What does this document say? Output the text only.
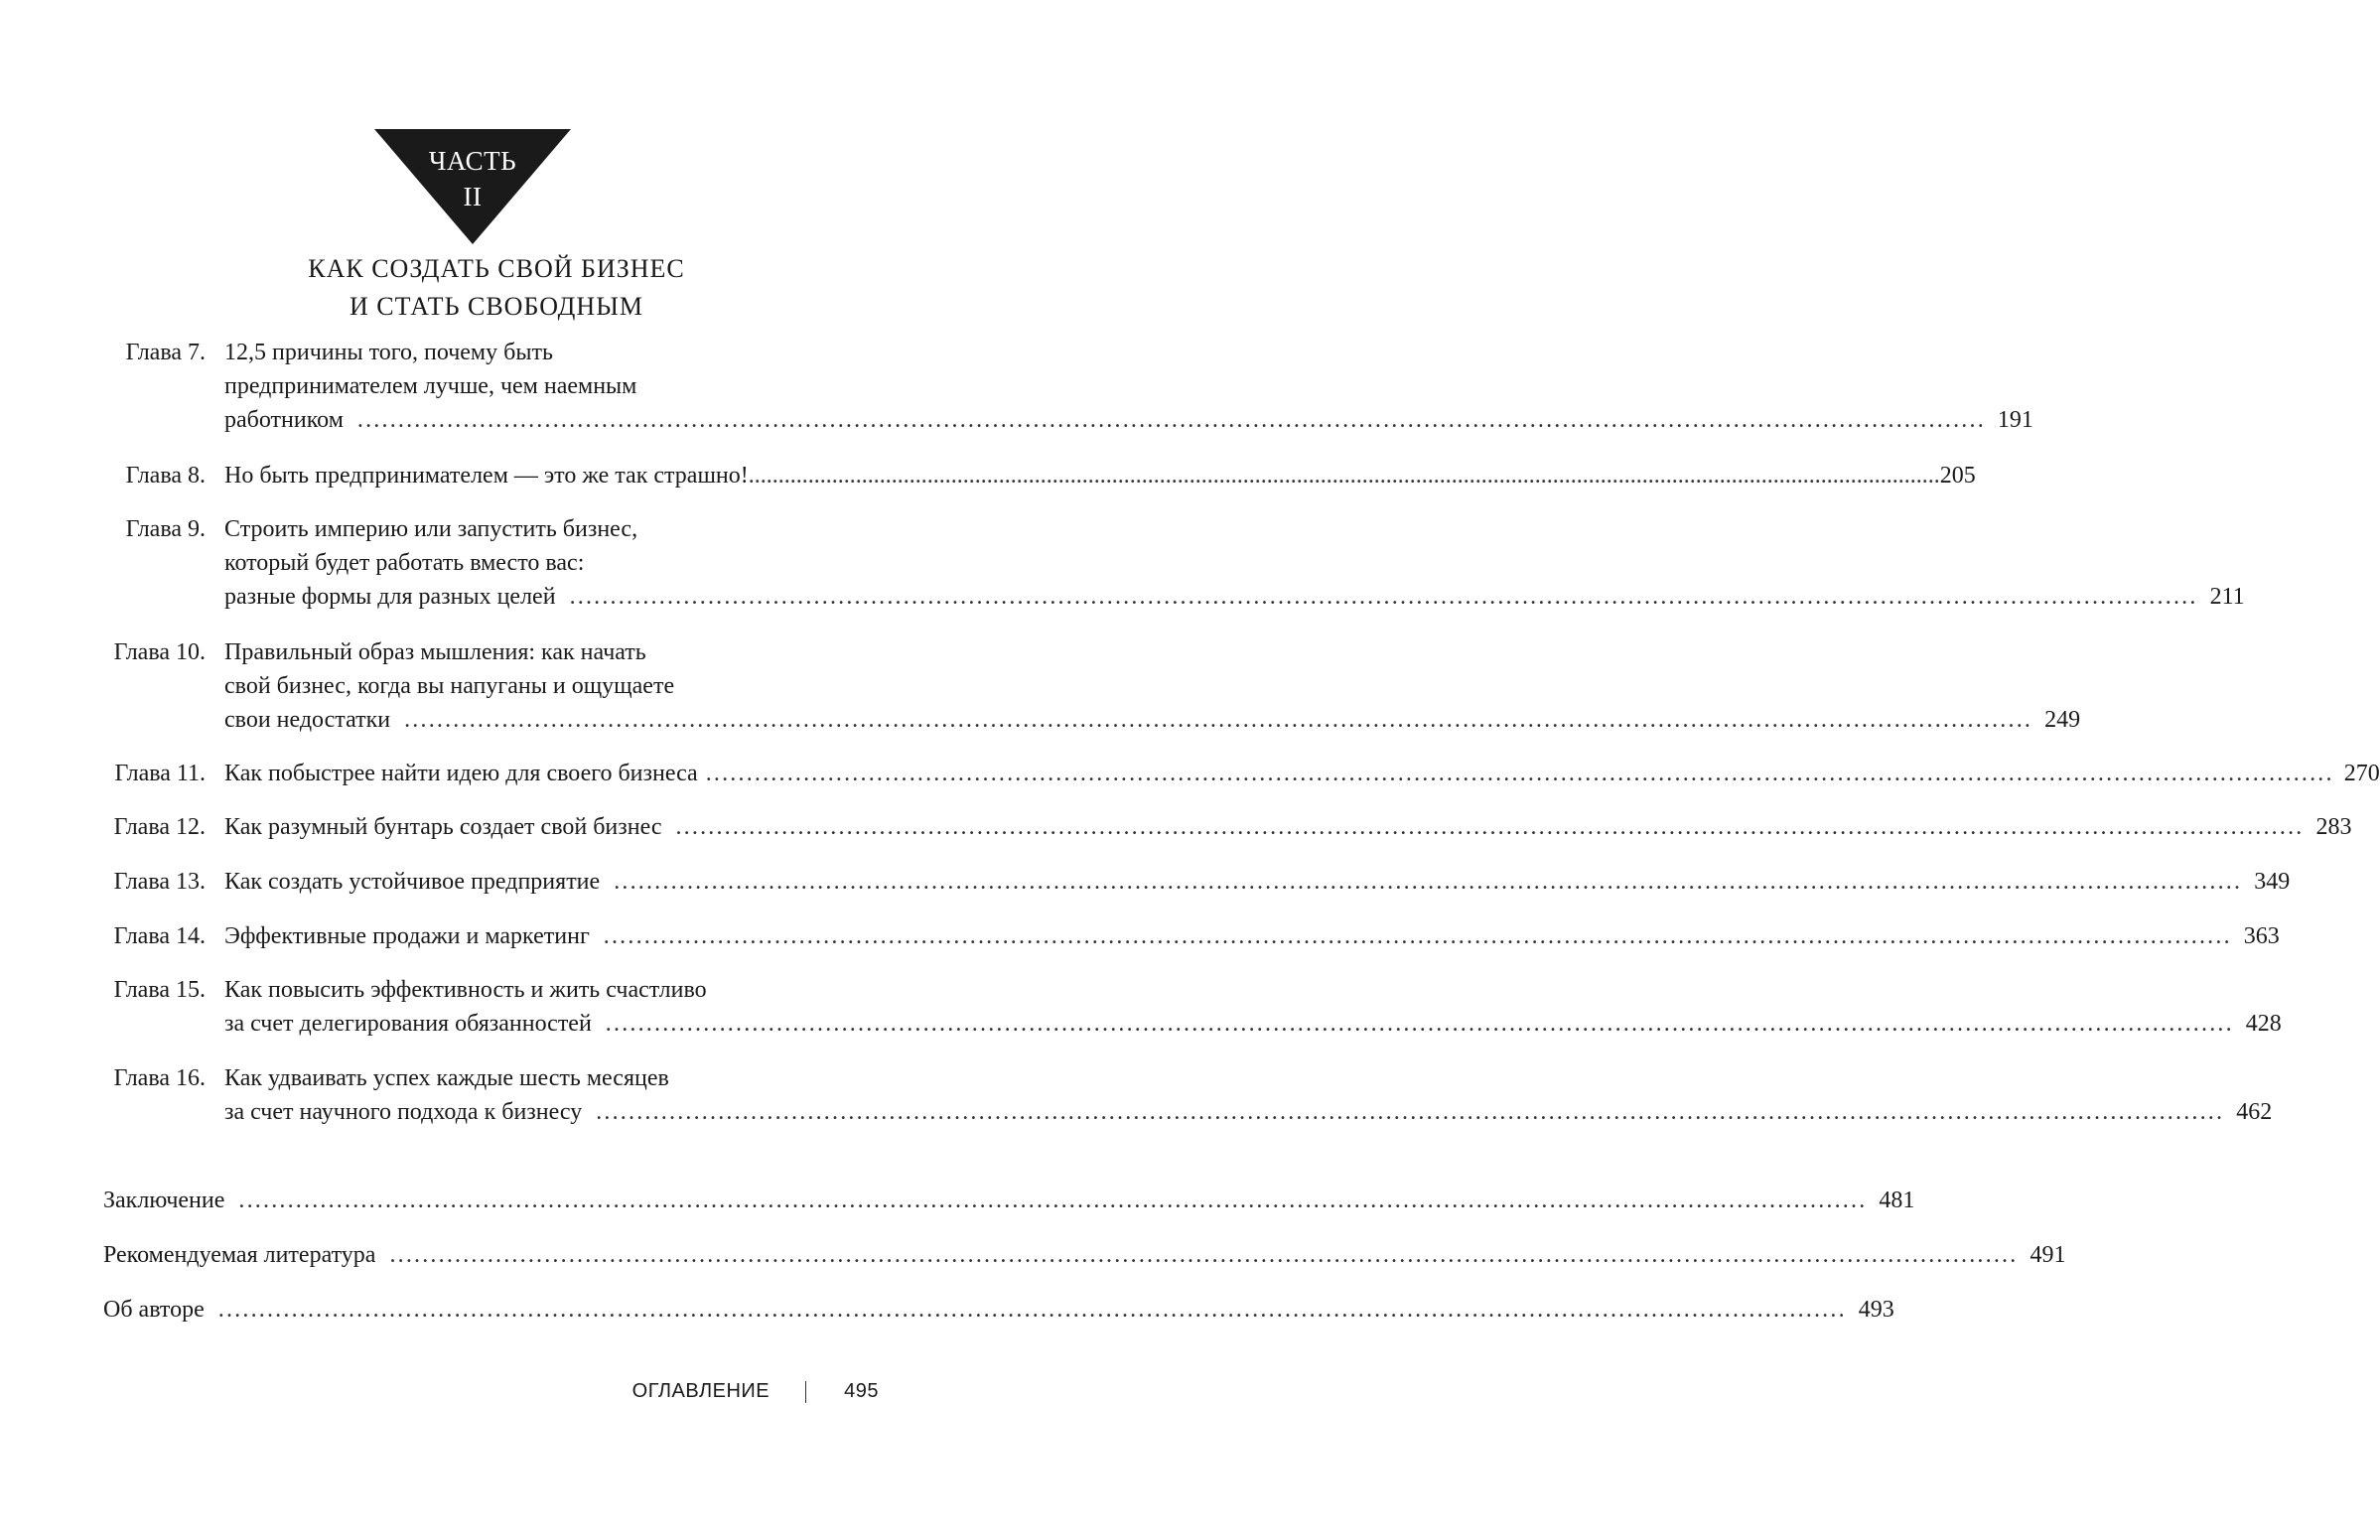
ЧАСТЬ
II
КАК СОЗДАТЬ СВОЙ БИЗНЕС
И СТАТЬ СВОБОДНЫМ
Глава 7. 12,5 причины того, почему быть
предпринимателем лучше, чем наемным
работником ........................................................................................................................................................................................................ 191
Глава 8. Но быть предпринимателем — это же так страшно! ........................................................................................................................................................................................................ 205
Глава 9. Строить империю или запустить бизнес,
который будет работать вместо вас:
разные формы для разных целей ........................................................................................................................................................................................................ 211
Глава 10. Правильный образ мышления: как начать
свой бизнес, когда вы напуганы и ощущаете
свои недостатки ........................................................................................................................................................................................................ 249
Глава 11. Как побыстрее найти идею для своего бизнеса ........................................................................................................................................................................................................ 270
Глава 12. Как разумный бунтарь создает свой бизнес ........................................................................................................................................................................................................ 283
Глава 13. Как создать устойчивое предприятие ........................................................................................................................................................................................................ 349
Глава 14. Эффективные продажи и маркетинг ........................................................................................................................................................................................................ 363
Глава 15. Как повысить эффективность и жить счастливо
за счет делегирования обязанностей ........................................................................................................................................................................................................ 428
Глава 16. Как удваивать успех каждые шесть месяцев
за счет научного подхода к бизнесу ........................................................................................................................................................................................................ 462
Заключение ........................................................................................................................................................................................................ 481
Рекомендуемая литература ........................................................................................................................................................................................................ 491
Об авторе ........................................................................................................................................................................................................ 493
ОГЛАВЛЕНИЕ	495
